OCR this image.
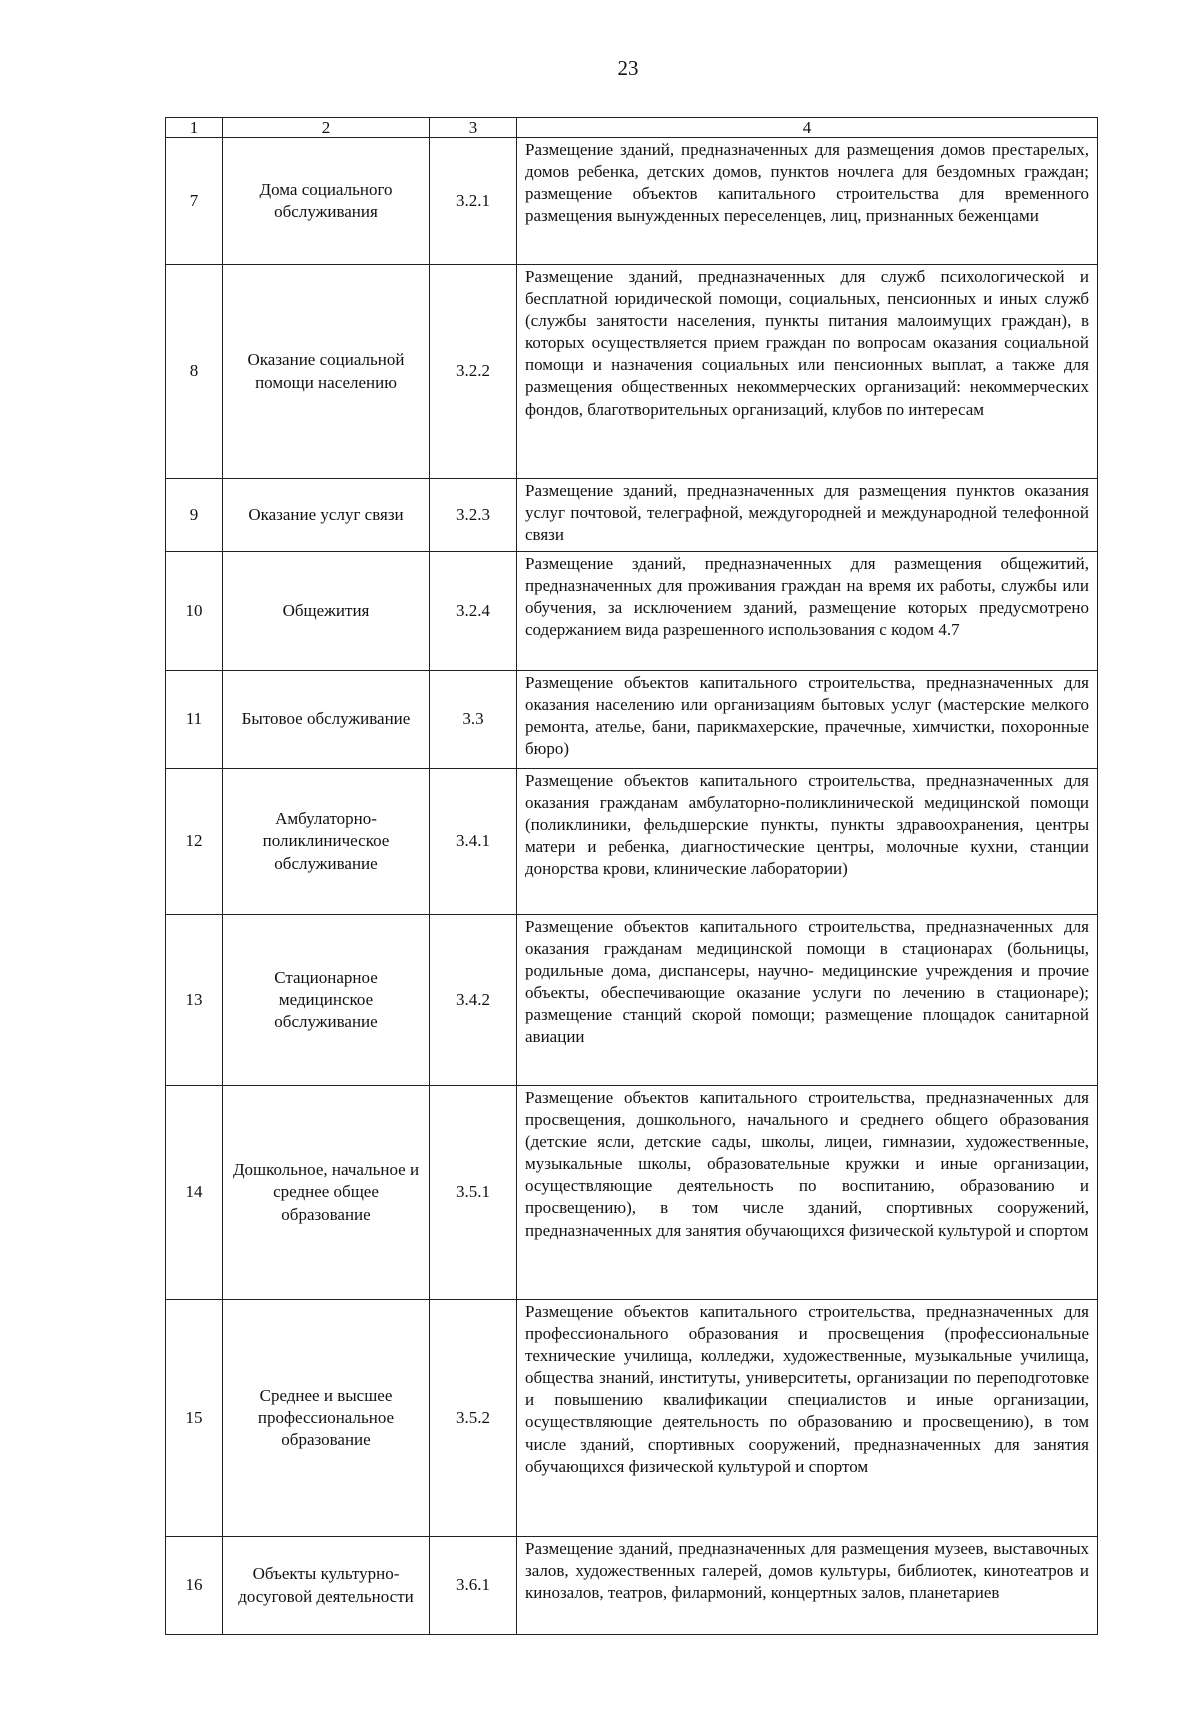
23
1	2	3	4
7	Дома социального обслуживания	3.2.1	Размещение зданий, предназначенных для размещения домов престарелых, домов ребенка, детских домов, пунктов ночлега для бездомных граждан; размещение объектов капитального строительства для временного размещения вынужденных переселенцев, лиц, признанных беженцами
8	Оказание социальной помощи населению	3.2.2	Размещение зданий, предназначенных для служб психологической и бесплатной юридической помощи, социальных, пенсионных и иных служб (службы занятости населения, пункты питания малоимущих граждан), в которых осуществляется прием граждан по вопросам оказания социальной помощи и назначения социальных или пенсионных выплат, а также для размещения общественных некоммерческих организаций: некоммерческих фондов, благотворительных организаций, клубов по интересам
9	Оказание услуг связи	3.2.3	Размещение зданий, предназначенных для размещения пунктов оказания услуг почтовой, телеграфной, междугородней и международной телефонной связи
10	Общежития	3.2.4	Размещение зданий, предназначенных для размещения общежитий, предназначенных для проживания граждан на время их работы, службы или обучения, за исключением зданий, размещение которых предусмотрено содержанием вида разрешенного использования с кодом 4.7
11	Бытовое обслуживание	3.3	Размещение объектов капитального строительства, предназначенных для оказания населению или организациям бытовых услуг (мастерские мелкого ремонта, ателье, бани, парикмахерские, прачечные, химчистки, похоронные бюро)
12	Амбулаторно-поликлиническое обслуживание	3.4.1	Размещение объектов капитального строительства, предназначенных для оказания гражданам амбулаторно-поликлинической медицинской помощи (поликлиники, фельдшерские пункты, пункты здравоохранения, центры матери и ребенка, диагностические центры, молочные кухни, станции донорства крови, клинические лаборатории)
13	Стационарное медицинское обслуживание	3.4.2	Размещение объектов капитального строительства, предназначенных для оказания гражданам медицинской помощи в стационарах (больницы, родильные дома, диспансеры, научно- медицинские учреждения и прочие объекты, обеспечивающие оказание услуги по лечению в стационаре); размещение станций скорой помощи; размещение площадок санитарной авиации
14	Дошкольное, начальное и среднее общее образование	3.5.1	Размещение объектов капитального строительства, предназначенных для просвещения, дошкольного, начального и среднего общего образования (детские ясли, детские сады, школы, лицеи, гимназии, художественные, музыкальные школы, образовательные кружки и иные организации, осуществляющие деятельность по воспитанию, образованию и просвещению), в том числе зданий, спортивных сооружений, предназначенных для занятия обучающихся физической культурой и спортом
15	Среднее и высшее профессиональное образование	3.5.2	Размещение объектов капитального строительства, предназначенных для профессионального образования и просвещения (профессиональные технические училища, колледжи, художественные, музыкальные училища, общества знаний, институты, университеты, организации по переподготовке и повышению квалификации специалистов и иные организации, осуществляющие деятельность по образованию и просвещению), в том числе зданий, спортивных сооружений, предназначенных для занятия обучающихся физической культурой и спортом
16	Объекты культурно-досуговой деятельности	3.6.1	Размещение зданий, предназначенных для размещения музеев, выставочных залов, художественных галерей, домов культуры, библиотек, кинотеатров и кинозалов, театров, филармоний, концертных залов, планетариев
